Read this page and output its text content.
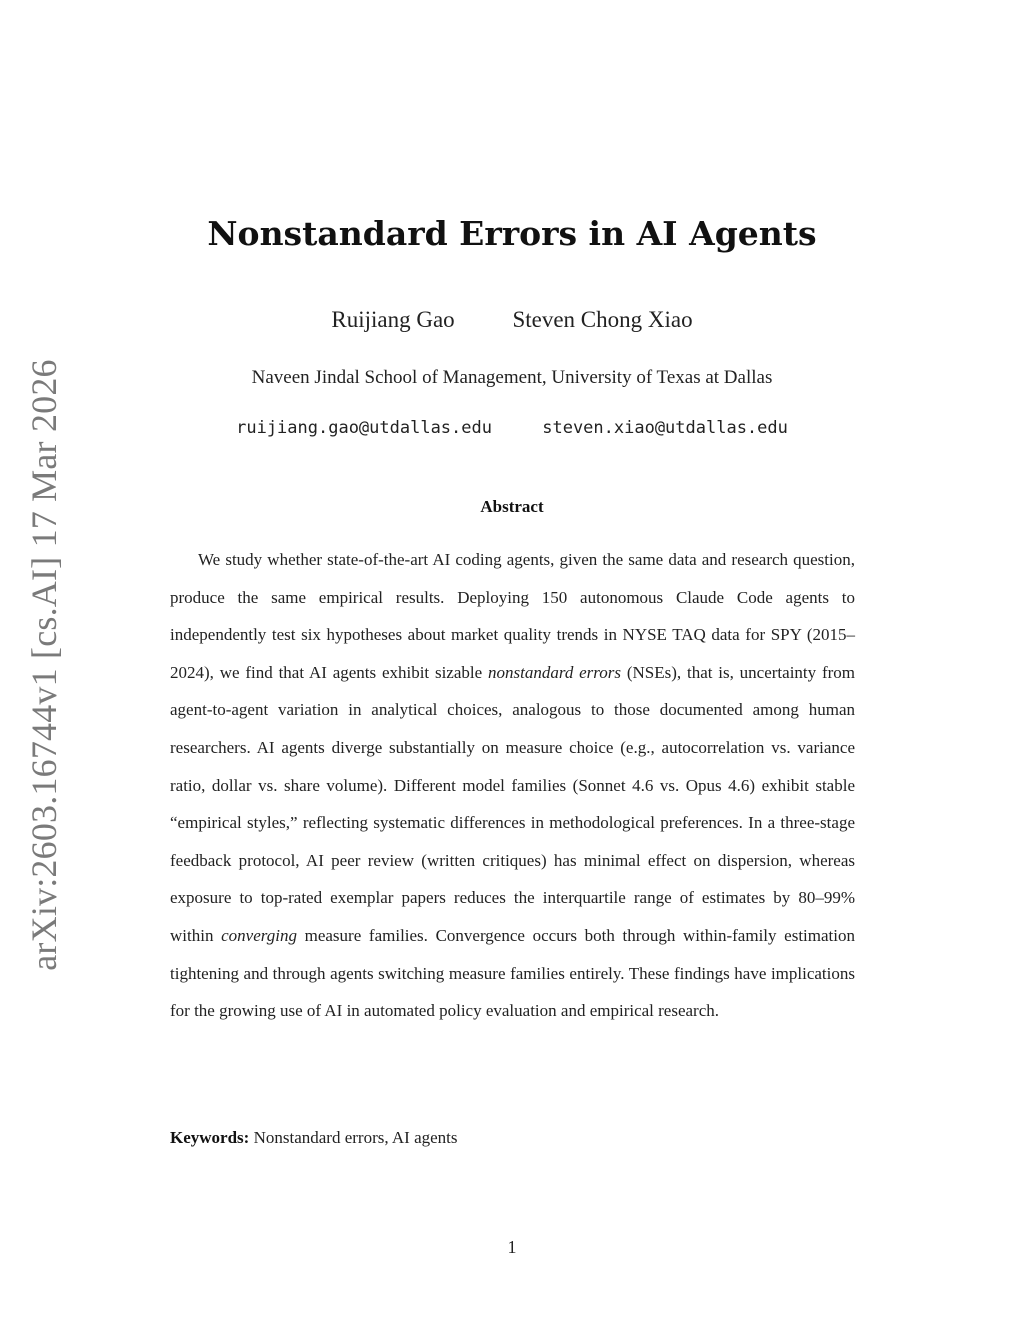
arXiv:2603.16744v1 [cs.AI] 17 Mar 2026
Nonstandard Errors in AI Agents
Ruijiang Gao	Steven Chong Xiao
Naveen Jindal School of Management, University of Texas at Dallas
ruijiang.gao@utdallas.edu	steven.xiao@utdallas.edu
Abstract

We study whether state-of-the-art AI coding agents, given the same data and research question, produce the same empirical results. Deploying 150 autonomous Claude Code agents to independently test six hypotheses about market quality trends in NYSE TAQ data for SPY (2015–2024), we find that AI agents exhibit sizable nonstandard errors (NSEs), that is, uncertainty from agent-to-agent variation in analytical choices, analogous to those documented among human researchers. AI agents diverge substantially on measure choice (e.g., autocorrelation vs. variance ratio, dollar vs. share volume). Different model families (Sonnet 4.6 vs. Opus 4.6) exhibit stable “empirical styles,” reflecting systematic differences in methodological preferences. In a three-stage feedback protocol, AI peer review (written critiques) has minimal effect on dispersion, whereas exposure to top-rated exemplar papers reduces the interquartile range of estimates by 80–99% within converging measure families. Convergence occurs both through within-family estimation tightening and through agents switching measure families entirely. These findings have implications for the growing use of AI in automated policy evaluation and empirical research.

Keywords: Nonstandard errors, AI agents
1
